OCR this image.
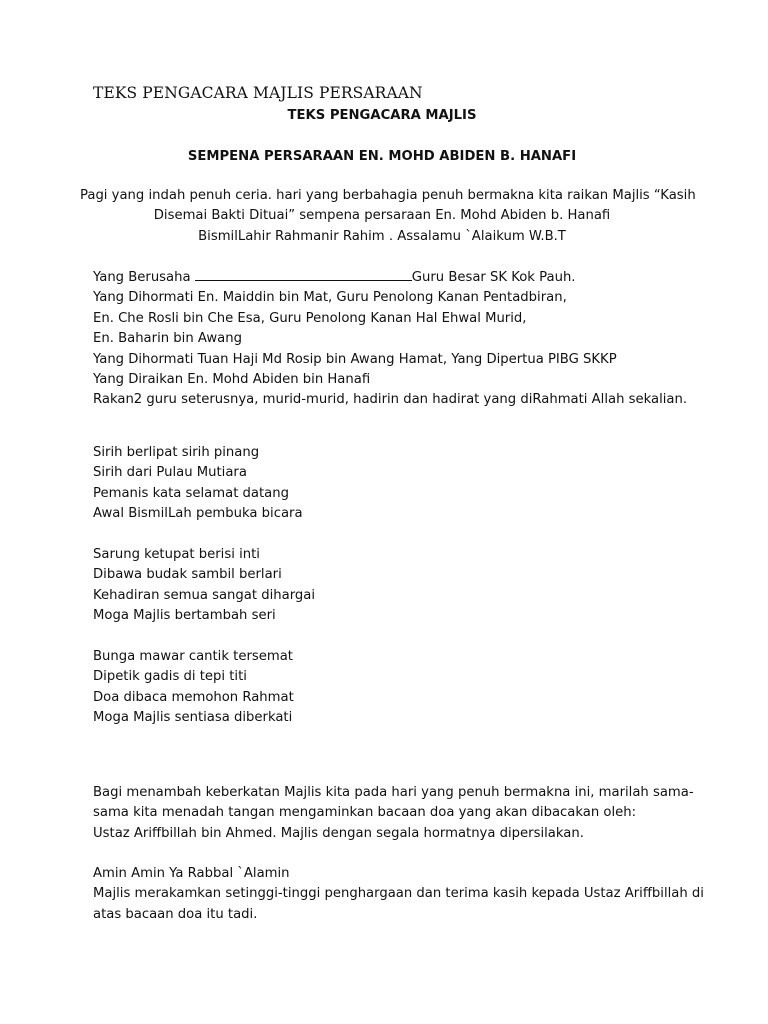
TEKS PENGACARA MAJLIS PERSARAAN
TEKS PENGACARA MAJLIS
SEMPENA PERSARAAN EN. MOHD ABIDEN B. HANAFI
Pagi yang indah penuh ceria. hari yang berbahagia penuh bermakna kita raikan Majlis “Kasih
Disemai Bakti Dituai” sempena persaraan En. Mohd Abiden b. Hanafi
BismilLahir Rahmanir Rahim . Assalamu `Alaikum W.B.T
Yang Berusaha	Guru Besar SK Kok Pauh.
Yang Dihormati En. Maiddin bin Mat, Guru Penolong Kanan Pentadbiran,
En. Che Rosli bin Che Esa, Guru Penolong Kanan Hal Ehwal Murid,
En. Baharin bin Awang
Yang Dihormati Tuan Haji Md Rosip bin Awang Hamat, Yang Dipertua PIBG SKKP
Yang Diraikan En. Mohd Abiden bin Hanafi
Rakan2 guru seterusnya, murid-murid, hadirin dan hadirat yang diRahmati Allah sekalian.
Sirih berlipat sirih pinang
Sirih dari Pulau Mutiara
Pemanis kata selamat datang
Awal BismilLah pembuka bicara
Sarung ketupat berisi inti
Dibawa budak sambil berlari
Kehadiran semua sangat dihargai
Moga Majlis bertambah seri
Bunga mawar cantik tersemat
Dipetik gadis di tepi titi
Doa dibaca memohon Rahmat
Moga Majlis sentiasa diberkati
Bagi menambah keberkatan Majlis kita pada hari yang penuh bermakna ini, marilah sama-
sama kita menadah tangan mengaminkan bacaan doa yang akan dibacakan oleh:
Ustaz Ariffbillah bin Ahmed. Majlis dengan segala hormatnya dipersilakan.
Amin Amin Ya Rabbal `Alamin
Majlis merakamkan setinggi-tinggi penghargaan dan terima kasih kepada Ustaz Ariffbillah di
atas bacaan doa itu tadi.
